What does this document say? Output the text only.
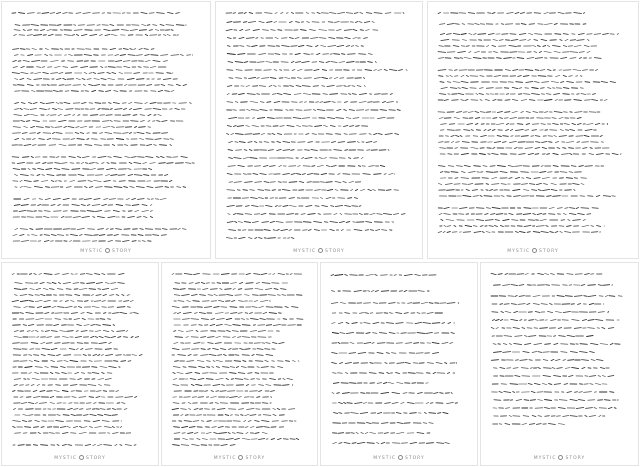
MYSTIC STORY	MYSTIC STORY	MYSTIC STORY
MYSTIC STORY	MYSTIC STORY	MYSTIC STORY	MYSTIC STORY
